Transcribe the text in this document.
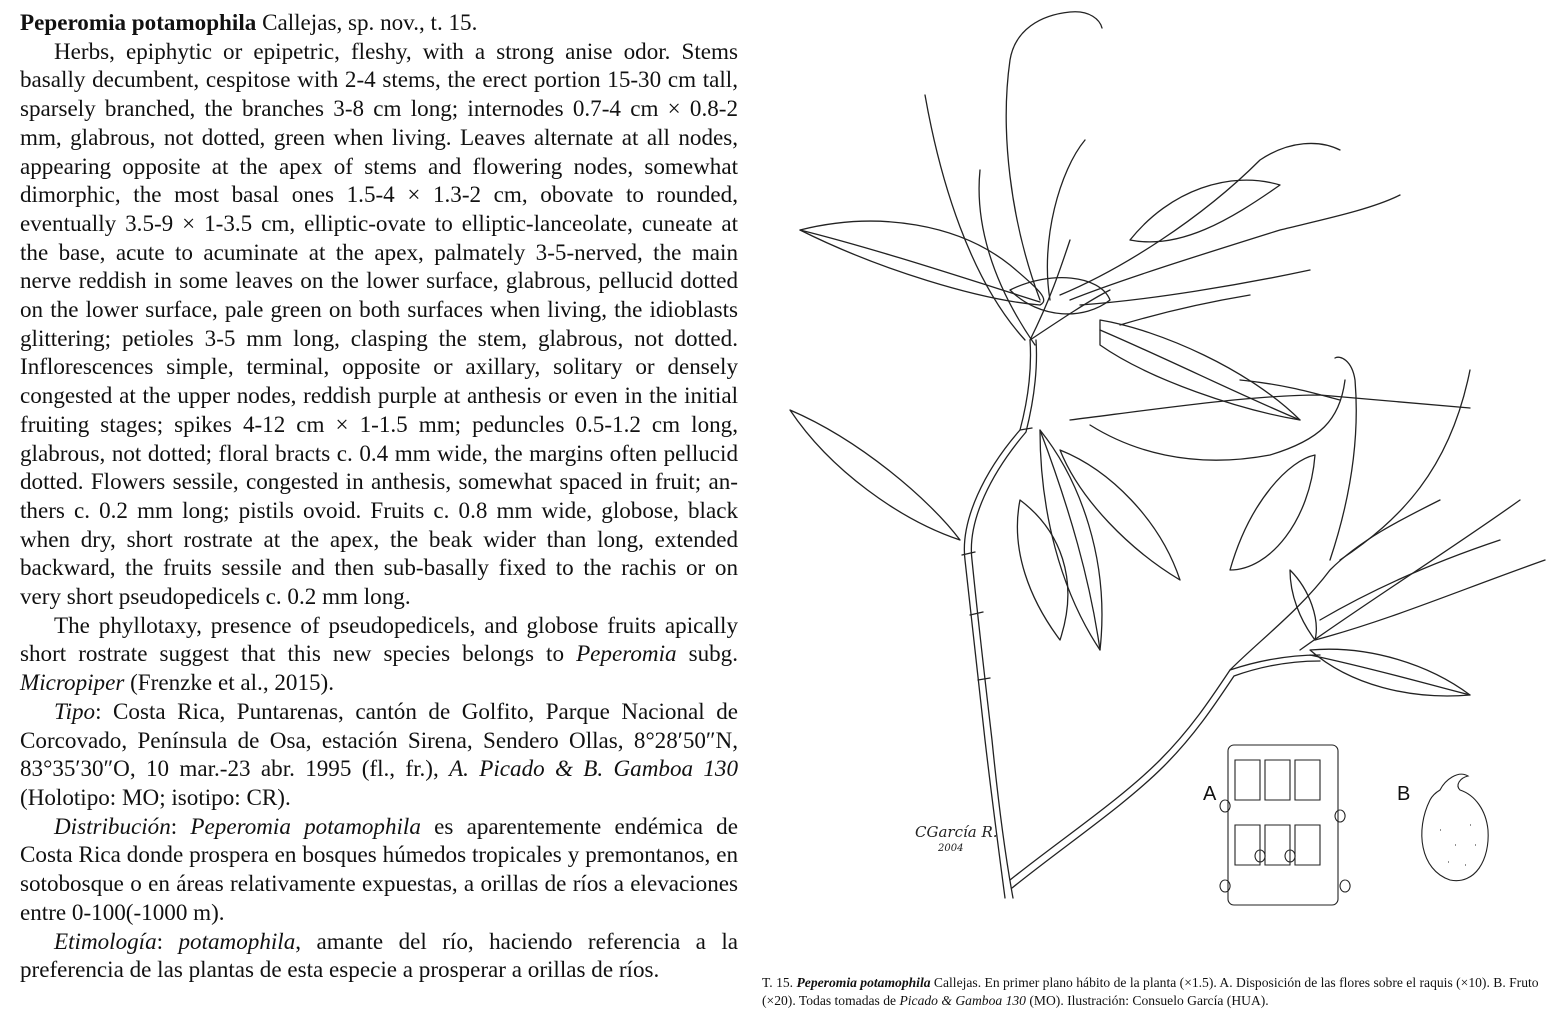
Peperomia potamophila Callejas, sp. nov., t. 15.

Herbs, epiphytic or epipetric, fleshy, with a strong anise odor. Stems basally decumbent, cespitose with 2-4 stems, the erect portion 15-30 cm tall, sparsely branched, the branches 3-8 cm long; internodes 0.7-4 cm × 0.8-2 mm, glabrous, not dotted, green when living. Leaves alternate at all nodes, appearing opposite at the apex of stems and flowering nodes, somewhat dimorphic, the most basal ones 1.5-4 × 1.3-2 cm, obovate to rounded, eventually 3.5-9 × 1-3.5 cm, elliptic-ovate to elliptic-lanceolate, cuneate at the base, acute to acuminate at the apex, palmately 3-5-nerved, the main nerve reddish in some leaves on the lower surface, glabrous, pellucid dotted on the lower surface, pale green on both surfaces when living, the idioblasts glittering; petioles 3-5 mm long, clasping the stem, glabrous, not dotted. Inflorescences simple, terminal, opposite or axillary, solitary or densely congested at the upper nodes, reddish purple at anthesis or even in the initial fruiting stages; spikes 4-12 cm × 1-1.5 mm; peduncles 0.5-1.2 cm long, glabrous, not dotted; floral bracts c. 0.4 mm wide, the margins often pellucid dotted. Flowers sessile, congested in anthesis, somewhat spaced in fruit; anthers c. 0.2 mm long; pistils ovoid. Fruits c. 0.8 mm wide, globose, black when dry, short rostrate at the apex, the beak wider than long, extended backward, the fruits sessile and then sub-basally fixed to the rachis or on very short pseudopedicels c. 0.2 mm long.

The phyllotaxy, presence of pseudopedicels, and globose fruits apically short rostrate suggest that this new species belongs to Peperomia subg. Micropiper (Frenzke et al., 2015).

Tipo: Costa Rica, Puntarenas, cantón de Golfito, Parque Nacional de Corcovado, Península de Osa, estación Sirena, Sendero Ollas, 8°28′50″N, 83°35′30″O, 10 mar.-23 abr. 1995 (fl., fr.), A. Picado & B. Gamboa 130 (Holotipo: MO; isotipo: CR).

Distribución: Peperomia potamophila es aparentemente endémica de Costa Rica donde prospera en bosques húmedos tropicales y premontanos, en sotobosque o en áreas relativamente expuestas, a orillas de ríos a elevaciones entre 0-100(-1000 m).

Etimología: potamophila, amante del río, haciendo referencia a la preferencia de las plantas de esta especie a prosperar a orillas de ríos.

A	B
CGarcía R.
2004
T. 15. Peperomia potamophila Callejas. En primer plano hábito de la planta (×1.5). A. Disposición de las flores sobre el raquis (×10). B. Fruto (×20). Todas tomadas de Picado & Gamboa 130 (MO). Ilustración: Consuelo García (HUA).
